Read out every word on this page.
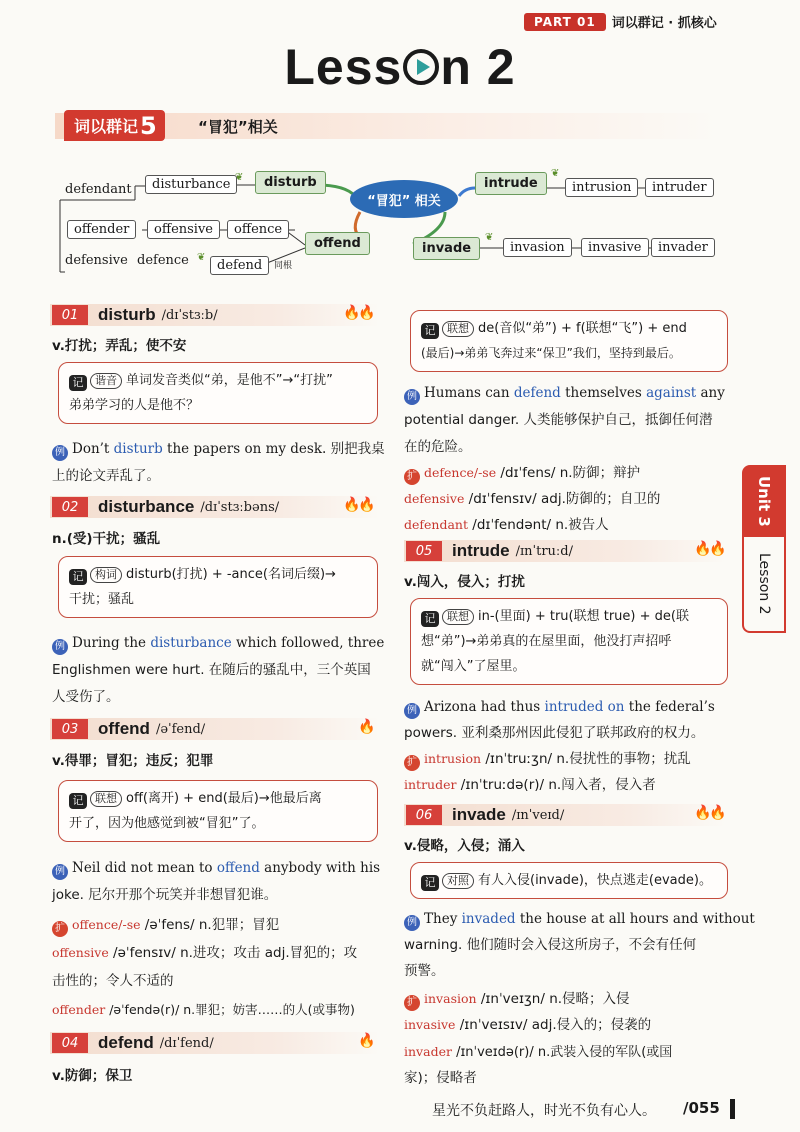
PART 01	词以群记 · 抓核心
Less n 2
词以群记 5	“冒犯”相关
defendant	disturbance ❦	disturb
“冒犯” 相关
intrude
❦
intrusion	intruder
offender	offensive	offence
offend	invade
❦
invasion	invasive	invader
defensive defence ❦
defend	同根
01	disturb /dɪˈstɜːb/	🔥🔥
v.打扰；弄乱；使不安
记 谐音 单词发音类似“弟，是他不”→“打扰”
弟弟学习的人是他不？
例 Don’t disturb the papers on my desk. 别把我桌
上的论文弄乱了。
02	disturbance /dɪˈstɜːbəns/	🔥🔥
n.(受)干扰；骚乱
记 构词 disturb(打扰) + -ance(名词后缀)→
干扰；骚乱
例 During the disturbance which followed, three
Englishmen were hurt. 在随后的骚乱中，三个英国
人受伤了。
03	offend /əˈfend/	🔥
v.得罪；冒犯；违反；犯罪
记 联想 off(离开) + end(最后)→他最后离
开了，因为他感觉到被“冒犯”了。
例 Neil did not mean to offend anybody with his
joke. 尼尔开那个玩笑并非想冒犯谁。
扩 offence/-se /əˈfens/ n.犯罪；冒犯
offensive /əˈfensɪv/ n.进攻；攻击 adj.冒犯的；攻
击性的；令人不适的
offender /əˈfendə(r)/ n.罪犯；妨害……的人(或事物)
04	defend /dɪˈfend/	🔥
v.防御；保卫
记 联想 de(音似“弟”) + f(联想“飞”) + end
(最后)→弟弟飞奔过来“保卫”我们，坚持到最后。
例 Humans can defend themselves against any
potential danger. 人类能够保护自己，抵御任何潜
在的危险。
扩 defence/-se /dɪˈfens/ n.防御；辩护
defensive /dɪˈfensɪv/ adj.防御的；自卫的
defendant /dɪˈfendənt/ n.被告人
05	intrude /ɪnˈtruːd/	🔥🔥
v.闯入，侵入；打扰
记 联想 in-(里面) + tru(联想 true) + de(联
想“弟”)→弟弟真的在屋里面，他没打声招呼
就“闯入”了屋里。
例 Arizona had thus intruded on the federal’s
powers. 亚利桑那州因此侵犯了联邦政府的权力。
扩 intrusion /ɪnˈtruːʒn/ n.侵扰性的事物；扰乱
intruder /ɪnˈtruːdə(r)/ n.闯入者，侵入者
06	invade /ɪnˈveɪd/	🔥🔥
v.侵略，入侵；涌入
记 对照 有人入侵(invade)，快点逃走(evade)。
例 They invaded the house at all hours and without
warning. 他们随时会入侵这所房子，不会有任何
预警。
扩 invasion /ɪnˈveɪʒn/ n.侵略；入侵
invasive /ɪnˈveɪsɪv/ adj.侵入的；侵袭的
invader /ɪnˈveɪdə(r)/ n.武装入侵的军队(或国
家)；侵略者
Unit 3
Lesson 2
星光不负赶路人，时光不负有心人。 /055
